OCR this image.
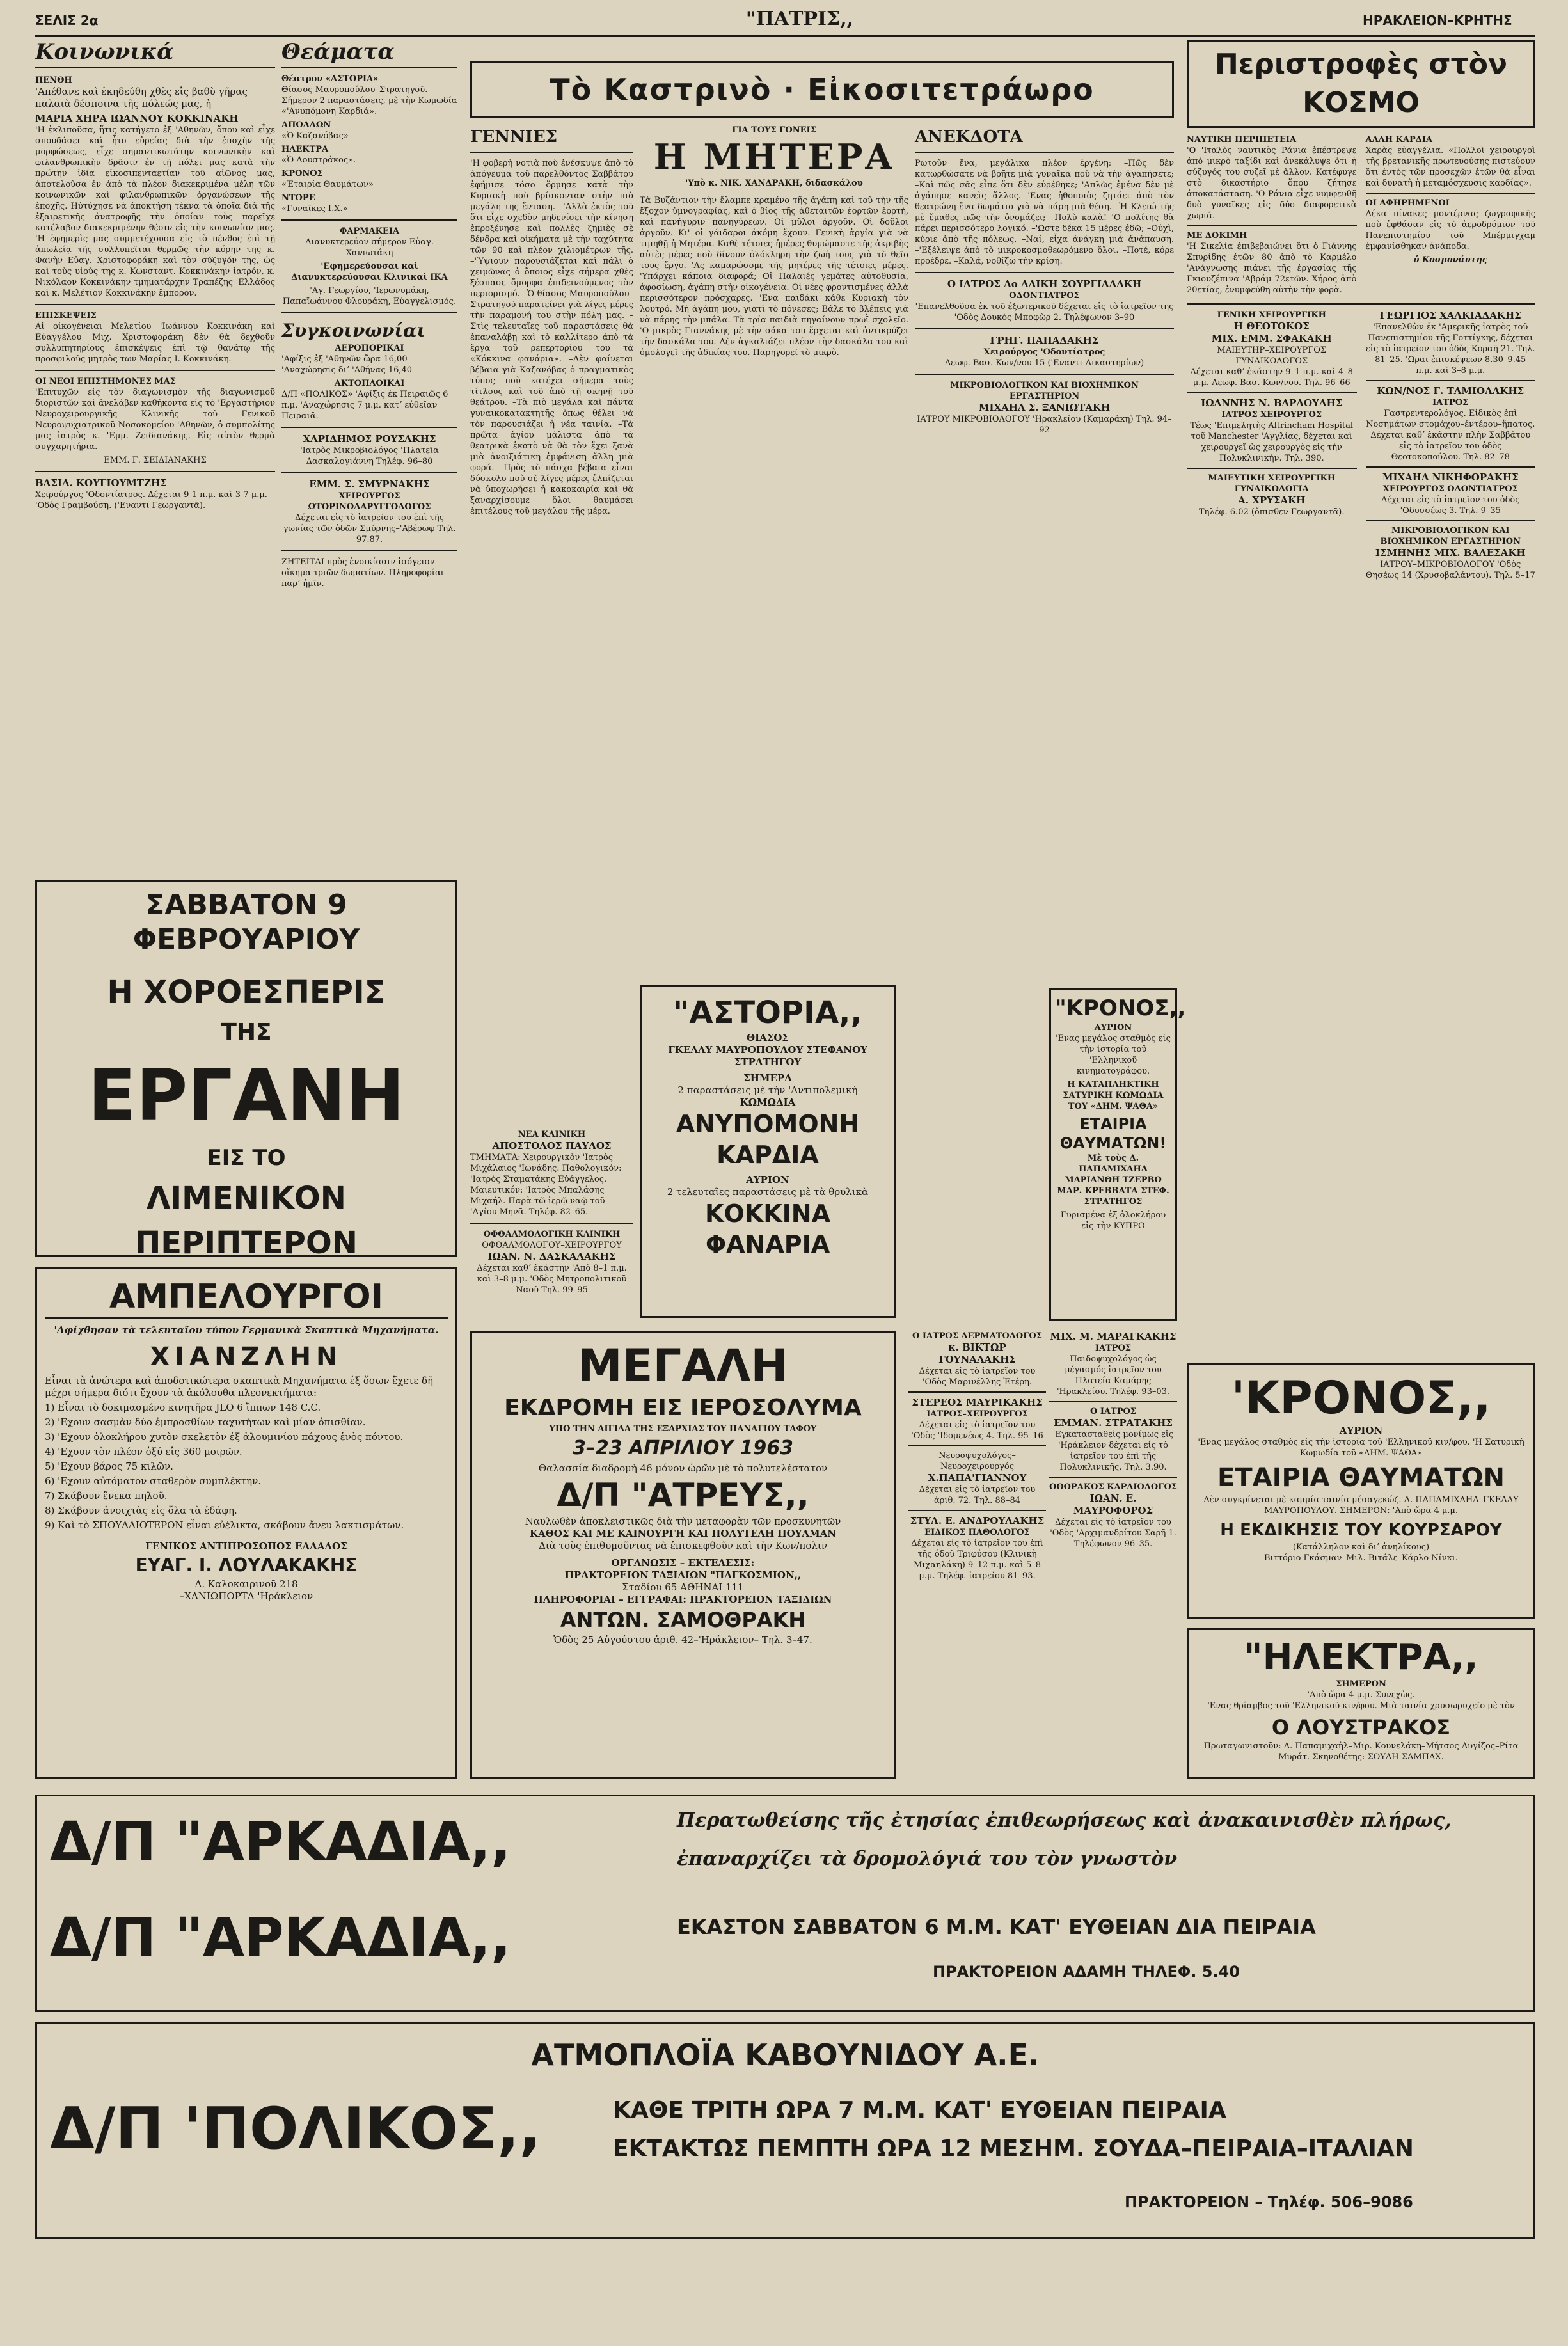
ΣΕΛΙΣ 2α	"ΠΑΤΡΙΣ,,	ΗΡΑΚΛΕΙΟΝ–ΚΡΗΤΗΣ
Κοινωνικά
ΠΕΝΘΗ

'Απέθανε καὶ ἐκηδεύθη χθὲς εἰς βαθὺ γῆρας παλαιὰ δέσποινα τῆς πόλεώς μας, ἡ

ΜΑΡΙΑ ΧΗΡΑ ΙΩΑΝΝΟΥ ΚΟΚΚΙΝΑΚΗ

'Η ἐκλιποῦσα, ἥτις κατήγετο ἐξ 'Αθηνῶν, ὅπου καὶ εἶχε σπουδάσει καὶ ἦτο εὐρείας διὰ τὴν ἐποχὴν τῆς μορφώσεως, εἶχε σημαντικωτάτην κοινωνικὴν καὶ φιλανθρωπικὴν δρᾶσιν ἐν τῇ πόλει μας κατὰ τὴν πρώτην ἰδία εἰκοσιπενταετίαν τοῦ αἰῶνος μας, ἀποτελοῦσα ἐν ἀπὸ τὰ πλέον διακεκριμένα μέλη τῶν κοινωνικῶν καὶ φιλανθρωπικῶν ὀργανώσεων τῆς ἐποχῆς. Ηὐτύχησε νὰ ἀποκτήσῃ τέκνα τὰ ὁποῖα διὰ τῆς ἐξαιρετικῆς ἀνατροφῆς τὴν ὁποίαν τοὺς παρεῖχε κατέλαβον διακεκριμένην θέσιν εἰς τὴν κοινωνίαν μας. 'Η ἐφημερὶς μας συμμετέχουσα εἰς τὸ πένθος ἐπὶ τῇ ἀπωλείᾳ τῆς συλλυπεῖται θερμῶς τὴν κόρην της κ. Φανὴν Εὐαγ. Χριστοφοράκη καὶ τὸν σύζυγόν της, ὡς καὶ τοὺς υἱοὺς της κ. Κωνσταντ. Κοκκινάκην ἰατρόν, κ. Νικόλαον Κοκκινάκην τμηματάρχην Τραπέζης 'Ελλάδος καὶ κ. Μελέτιον Κοκκινάκην ἔμπορον.

ΕΠΙΣΚΕΨΕΙΣ

Αἱ οἰκογένειαι Μελετίου 'Ιωάννου Κοκκινάκη καὶ Εὐαγγέλου Μιχ. Χριστοφοράκη δὲν θὰ δεχθοῦν συλλυπητηρίους ἐπισκέψεις ἐπὶ τῷ θανάτῳ τῆς προσφιλοῦς μητρὸς των Μαρίας Ι. Κοκκινάκη.

ΟΙ ΝΕΟΙ ΕΠΙΣΤΗΜΟΝΕΣ ΜΑΣ

'Επιτυχῶν εἰς τὸν διαγωνισμὸν τῆς διαγωνισμοῦ διοριστῶν καὶ ἀνελάβεν καθήκοντα εἰς τὸ 'Εργαστήριον Νευροχειρουργικῆς Κλινικῆς τοῦ Γενικοῦ Νευροψυχιατρικοῦ Νοσοκομείου 'Αθηνῶν, ὁ συμπολίτης μας ἰατρὸς κ. 'Εμμ. Ζειδιανάκης. Εἰς αὐτὸν θερμὰ συγχαρητήρια.

ΕΜΜ. Γ. ΣΕΙΔΙΑΝΑΚΗΣ
ΒΑΣΙΛ. ΚΟΥΓΙΟΥΜΤΖΗΣ

Χειρούργος 'Οδοντίατρος. Δέχεται 9-1 π.μ. καὶ 3-7 μ.μ. 'Οδὸς Γραμβούση. ('Εναντι Γεωργαντᾶ).

Θεάματα
Θέατρον «ΑΣΤΟΡΙΑ»

Θίασος Μαυροπούλου–Στρατηγοῦ.– Σήμερον 2 παραστάσεις, μὲ τὴν Κωμωδία «'Ανυπόμονη Καρδιά».

ΑΠΟΛΛΩΝ

«Ὁ Καζανόβας»

ΗΛΕΚΤΡΑ

«Ὁ Λουστράκος».

ΚΡΟΝΟΣ

«Ἑταιρία Θαυμάτων»

ΝΤΟΡΕ

«Γυναῖκες Ι.Χ.»

ΦΑΡΜΑΚΕΙΑ

Διανυκτερεύον σήμερον Εὐαγ. Χανιωτάκη

'Εφημερεύουσαι καὶ Διανυκτερεύουσαι Κλινικαὶ ΙΚΑ

'Αγ. Γεωργίου, 'Ιερωνυμάκη, Παπαϊωάννου Φλουράκη, Εὐαγγελισμός.

Συγκοινωνίαι
ΑΕΡΟΠΟΡΙΚΑΙ

'Αφίξις ἐξ 'Αθηνῶν ὥρα 16,00 'Αναχώρησις διʼ 'Αθήνας 16,40

ΑΚΤΟΠΛΟΙΚΑΙ

Δ/Π «ΠΟΛΙΚΟΣ» 'Αφίξις ἐκ Πειραιῶς 6 π.μ. 'Αναχώρησις 7 μ.μ. κατʼ εὐθεῖαν Πειραιᾶ.

ΧΑΡΙΔΗΜΟΣ ΡΟΥΣΑΚΗΣ

'Ιατρὸς Μικροβιολόγος 'Πλατεῖα Δασκαλογιάννη Τηλέφ. 96–80

ΕΜΜ. Σ. ΣΜΥΡΝΑΚΗΣ
ΧΕΙΡΟΥΡΓΟΣ ΩΤΟΡΙΝΟΛΑΡΥΓΓΟΛΟΓΟΣ

Δέχεται εἰς τὸ ἰατρεῖον του ἐπὶ τῆς γωνίας τῶν ὁδῶν Σμύρνης–'Αβέρωφ Τηλ. 97.87.

ΖΗΤΕΙΤΑΙ πρὸς ἐνοικίασιν ἰσόγειον οἴκημα τριῶν δωματίων. Πληροφορίαι παρʼ ἡμῖν.

ΣΑΒΒΑΤΟΝ 9 ΦΕΒΡΟΥΑΡΙΟΥ
Η ΧΟΡΟΕΣΠΕΡΙΣ
ΤΗΣ
ΕΡΓΑΝΗ
ΕΙΣ ΤΟ
ΛΙΜΕΝΙΚΟΝ ΠΕΡΙΠΤΕΡΟΝ
ΑΜΠΕΛΟΥΡΓΟΙ

'Αφίχθησαν τὰ τελευταῖου τύπου Γερμανικὰ Σκαπτικὰ Μηχανήματα.

ΧΙΑΝΖΛΗΝ

Εἶναι τὰ ἀνώτερα καὶ ἀποδοτικώτερα σκαπτικὰ Μηχανήματα ἐξ ὅσων ἔχετε δῆ μέχρι σήμερα διότι ἔχουν τὰ ἀκόλουθα πλεονεκτήματα:

1) Εἶναι τὸ δοκιμασμένο κινητῆρα JLO 6 ἵππων 148 C.C.

2) 'Εχουν σασμὰν δύο ἐμπροσθίων ταχυτήτων καὶ μίαν ὀπισθίαν.

3) 'Εχουν ὁλοκλήρου χυτὸν σκελετὸν ἐξ ἀλουμινίου πάχους ἑνὸς πόντου.

4) 'Εχουν τὸν πλέον ὀξύ εἰς 360 μοιρῶν.

5) 'Εχουν βάρος 75 κιλῶν.

6) 'Εχουν αὐτόματον σταθερὸν συμπλέκτην.

7) Σκάβουν ἕνεκα πηλοῦ.

8) Σκάβουν ἀνοιχτὰς εἰς ὅλα τὰ ἐδάφη.

9) Καὶ τὸ ΣΠΟΥΔΑΙΟΤΕΡΟΝ εἶναι εὐέλικτα, σκάβουν ἄνευ λακτισμάτων.

ΓΕΝΙΚΟΣ ΑΝΤΙΠΡΟΣΩΠΟΣ ΕΛΛΑΔΟΣ
ΕΥΑΓ. Ι. ΛΟΥΛΑΚΑΚΗΣ
Λ. Καλοκαιρινοῦ 218
–ΧΑΝΙΩΠΟΡΤΑ 'Ηράκλειον
Τὸ Καστρινὸ · Εἰκοσιτετράωρο
ΓΕΝΝΙΕΣ

'Η φοβερὴ νοτιὰ ποὺ ἐνέσκυψε ἀπὸ τὸ ἀπόγευμα τοῦ παρελθόντος Σαββάτου ἐφήμισε τόσο ὅρμησε κατὰ τὴν Κυριακὴ ποὺ βρίσκονταν στὴν πιὸ μεγάλη της ἔνταση. –'Αλλὰ ἐκτὸς τοῦ ὅτι εἶχε σχεδὸν μηδενίσει τὴν κίνηση ἐπροξένησε καὶ πολλὲς ζημιὲς σὲ δένδρα καὶ οἰκήματα μὲ τὴν ταχύτητα τῶν 90 καὶ πλέον χιλιομέτρων τῆς. –'Ὑψιουν παρουσιάζεται καὶ πάλι ὁ χειμῶνας ὁ ὅποιος εἶχε σήμερα χθὲς ξέσπασε ὄμορφα ἐπιδεινούμενος τὸν περιορισμό. –Ὁ θίασος Μαυροπούλου–Στρατηγοῦ παρατείνει γιὰ λίγες μέρες τὴν παραμονή του στὴν πόλη μας. –Στὶς τελευταῖες τοῦ παραστάσεις θὰ ἐπαναλάβῃ καὶ τὸ καλλίτερο ἀπὸ τὰ ἔργα τοῦ ρεπερτορίου του τὰ «Κόκκινα φανάρια». –Δὲν φαίνεται βέβαια γιὰ Καζανόβας ὁ πραγματικὸς τύπος ποὺ κατέχει σήμερα τοὺς τίτλους καὶ τοῦ ἀπὸ τῇ σκηνῇ τοῦ θεάτρου. –Τὰ πιὸ μεγάλα καὶ πάντα γυναικοκατακτητῆς ὅπως θέλει νὰ τὸν παρουσιάζει ἡ νέα ταινία. –Τὰ πρῶτα ἀγίου μάλιστα ἀπὸ τὰ θεατρικὰ ἑκατὸ νὰ θὰ τὸν ἔχει ξανὰ μιὰ ἀνοιξιάτικη ἐμφάνιση ἄλλη μιὰ φορά. –Πρὸς τὸ πάσχα βέβαια εἶναι δύσκολο ποὺ σὲ λίγες μέρες ἐλπίζεται νὰ ὑποχωρήσει ἡ κακοκαιρία καὶ θὰ ξαναρχίσουμε ὅλοι θαυμάσει ἐπιτέλους τοῦ μεγάλου τῆς μέρα.

ΓΙΑ ΤΟΥΣ ΓΟΝΕΙΣ
Η ΜΗΤΕΡΑ
'Υπὸ κ. ΝΙΚ. ΧΑΝΔΡΑΚΗ, διδασκάλου

Τὰ Βυζάντιον τὴν ἔλαμπε κραμένο τῆς ἀγάπη καὶ τοῦ τὴν τῆς ἔξοχον ὑμνογραφίας, καὶ ὁ βίος τῆς ἀθεταιτῶν ἑορτῶν ἑορτὴ, καὶ πανήγυριν πανηγύρεων. Οἱ μῦλοι ἀργοῦν. Οἱ δοῦλοι ἀργοῦν. Κι' οἱ γάιδαροι ἀκόμη ἔχουν. Γενικὴ ἀργία γιὰ νὰ τιμηθῇ ἡ Μητέρα. Καθὲ τέτοιες ἡμέρες θυμώμαστε τῆς ἀκριβὴς αὐτὲς μέρες ποὺ δίνουν ὁλόκληρη τὴν ζωὴ τους γιὰ τὸ θεῖο τους ἔργο. 'Ας καμαρώσομε τῆς μητέρες τῆς τέτοιες μέρες. 'Υπάρχει κάποια διαφορά; Οἱ Παλαιές γεμάτες αὐτοθυσία, ἀφοσίωση, ἀγάπη στὴν οἰκογένεια. Οἱ νέες φροντισμένες ἀλλὰ περισσότερον πρόσχαρες. 'Ενα παιδάκι κάθε Κυριακή τὸν λουτρό. Μὴ ἀγάπη μου, γιατὶ τὸ πόνεσες; Βάλε τὸ βλέπεις γιὰ νὰ πάρης τὴν μπάλα. Τὰ τρία παιδιὰ πηγαίνουν πρωῒ σχολεῖο. 'Ο μικρὸς Γιαννάκης μὲ τὴν σάκα του ἔρχεται καὶ ἀντικρύζει τὴν δασκάλα του. Δὲν ἀγκαλιάζει πλέον τὴν δασκάλα του καὶ ὁμολογεῖ τῆς ἀδικίας του. Παρηγορεῖ τὸ μικρὸ.

ΑΝΕΚΔΟΤΑ

Ρωτοῦν ἕνα, μεγάλικα πλέον ἐργένη: –Πῶς δὲν κατωρθώσατε νὰ βρῆτε μιὰ γυναῖκα ποὺ νὰ τὴν ἀγαπήσετε; –Καὶ πῶς σᾶς εἶπε ὅτι δὲν εὑρέθηκε; 'Απλῶς ἐμένα δὲν μὲ ἀγάπησε κανεὶς ἄλλος. 'Ενας ἡθοποιὸς ζητάει ἀπὸ τὸν θεατρώνη ἕνα δωμάτιο γιὰ νὰ πάρη μιὰ θέση. –Ἡ Κλειώ τῆς μὲ ἔμαθες πῶς τὴν ὀνομάζει; –Πολὺ καλὰ! 'Ο πολίτης θὰ πάρει περισσότερο λογικό. –'Ωστε δέκα 15 μέρες ἐδῶ; –Οὐχὶ, κύριε ἀπὸ τῆς πόλεως. –Ναί, εἶχα ἀνάγκη μιὰ ἀνάπαυση. –'Εξέλειψε ἀπὸ τὸ μικροκοσμοθεωρόμενο ὅλοι. –Ποτέ, κόρε προέδρε. –Καλά, νοθίζω τὴν κρίση.

Ο ΙΑΤΡΟΣ Δο ΑΛΙΚΗ ΣΟΥΡΓΙΑΔΑΚΗ
ΟΔΟΝΤΙΑΤΡΟΣ

'Επανελθοῦσα ἐκ τοῦ ἐξωτερικοῦ δέχεται εἰς τὸ ἰατρεῖον της 'Οδὸς Δουκὸς Μποφὼρ 2. Τηλέφωνον 3–90

ΓΡΗΓ. ΠΑΠΑΔΑΚΗΣ
Χειρούργος 'Οδοντίατρος

Λεωφ. Βασ. Κων/νου 15 ('Εναντι Δικαστηρίων)

ΜΙΚΡΟΒΙΟΛΟΓΙΚΟΝ ΚΑΙ ΒΙΟΧΗΜΙΚΟΝ ΕΡΓΑΣΤΗΡΙΟΝ
ΜΙΧΑΗΛ Σ. ΞΑΝΙΩΤΑΚΗ

ΙΑΤΡΟΥ ΜΙΚΡΟΒΙΟΛΟΓΟΥ 'Ηρακλείου (Καμαράκη) Τηλ. 94–92

"ΑΣΤΟΡΙΑ,,
ΘΙΑΣΟΣ
ΓΚΕΛΛΥ ΜΑΥΡΟΠΟΥΛΟΥ ΣΤΕΦΑΝΟΥ ΣΤΡΑΤΗΓΟΥ
ΣΗΜΕΡΑ
2 παραστάσεις μὲ τὴν 'Αντιπολεμικὴ
ΚΩΜΩΔΙΑ
ΑΝΥΠΟΜΟΝΗ ΚΑΡΔΙΑ
ΑΥΡΙΟΝ
2 τελευταῖες παραστάσεις μὲ τὰ θρυλικὰ
ΚΟΚΚΙΝΑ ΦΑΝΑΡΙΑ
ΝΕΑ ΚΛΙΝΙΚΗ
ΑΠΟΣΤΟΛΟΣ ΠΑΥΛΟΣ

ΤΜΗΜΑΤΑ: Χειρουργικὸν 'Ιατρὸς Μιχάλαιος 'Ιωνάδης. Παθολογικόν: 'Ιατρὸς Σταματάκης Εὐάγγελος. Μαιευτικόν: 'Ιατρὸς Μπαλάσης Μιχαήλ. Παρὰ τῷ ἱερῷ ναῷ τοῦ 'Αγίου Μηνᾶ. Τηλέφ. 82–65.

ΟΦΘΑΛΜΟΛΟΓΙΚΗ ΚΛΙΝΙΚΗ
ΟΦΘΑΛΜΟΛΟΓΟΥ–ΧΕΙΡΟΥΡΓΟΥ
ΙΩΑΝ. Ν. ΔΑΣΚΑΛΑΚΗΣ

Δέχεται καθʼ ἑκάστην 'Απὸ 8–1 π.μ. καὶ 3–8 μ.μ. 'Οδὸς Μητροπολιτικοῦ Ναοῦ Τηλ. 99–95

ΜΕΓΑΛΗ
ΕΚΔΡΟΜΗ ΕΙΣ ΙΕΡΟΣΟΛΥΜΑ
ΥΠΟ ΤΗΝ ΑΙΓΙΔΑ ΤΗΣ ΕΞΑΡΧΙΑΣ ΤΟΥ ΠΑΝΑΓΙΟΥ ΤΑΦΟΥ
3–23 ΑΠΡΙΛΙΟΥ 1963
Θαλασσία διαδρομὴ 46 μόνον ὡρῶν μὲ τὸ πολυτελέστατον
Δ/Π "ΑΤΡΕΥΣ,,
Ναυλωθὲν ἀποκλειστικῶς διὰ τὴν μεταφορὰν τῶν προσκυνητῶν
ΚΑΘΟΣ ΚΑΙ ΜΕ ΚΑΙΝΟΥΡΓΗ ΚΑΙ ΠΟΛΥΤΕΛΗ ΠΟΥΛΜΑΝ
Διὰ τοὺς ἐπιθυμοῦντας νὰ ἐπισκεφθοῦν καὶ τὴν Κων/πολιν
ΟΡΓΑΝΩΣΙΣ – ΕΚΤΕΛΕΣΙΣ:
ΠΡΑΚΤΟΡΕΙΟΝ ΤΑΞΙΔΙΩΝ "ΠΑΓΚΟΣΜΙΟΝ,,
Σταδίου 65 ΑΘΗΝΑΙ 111
ΠΛΗΡΟΦΟΡΙΑΙ – ΕΓΓΡΑΦΑΙ: ΠΡΑΚΤΟΡΕΙΟΝ ΤΑΞΙΔΙΩΝ
ΑΝΤΩΝ. ΣΑΜΟΘΡΑΚΗ
Ὁδὸς 25 Αὐγούστου ἀριθ. 42–'Ηράκλειον– Τηλ. 3–47.
Ο ΙΑΤΡΟΣ ΔΕΡΜΑΤΟΛΟΓΟΣ
κ. ΒΙΚΤΩΡ ΓΟΥΝΑΛΑΚΗΣ

Δέχεται εἰς τὸ ἰατρεῖον του 'Οδὸς Μαρινέλλης Ἐτέρη.

ΣΤΕΡΕΟΣ ΜΑΥΡΙΚΑΚΗΣ
ΙΑΤΡΟΣ–ΧΕΙΡΟΥΡΓΟΣ

Δέχεται εἰς τὸ ἰατρεῖον του 'Οδὸς 'Ιδομενέως 4. Τηλ. 95–16

Νευροψυχολόγος–Νευροχειρουργός
Χ.ΠΑΠΑ'ΓΙΑΝΝΟΥ

Δέχεται εἰς τὸ ἰατρεῖον του ἀριθ. 72. Τηλ. 88–84

ΣΤΥΛ. Ε. ΑΝΔΡΟΥΛΑΚΗΣ
ΕΙΔΙΚΟΣ ΠΑΘΟΛΟΓΟΣ

Δέχεται εἰς τὸ ἰατρεῖον του ἐπὶ τῆς ὁδοῦ Τριφύσου (Κλινικὴ Μιχαηλάκη) 9–12 π.μ. καὶ 5–8 μ.μ. Τηλέφ. ἰατρείου 81–93.

"ΚΡΟΝΟΣ,,
ΑΥΡΙΟΝ

'Ενας μεγάλος σταθμὸς εἰς τὴν ἱστορία τοῦ 'Ελληνικοῦ κινηματογράφου.

Η ΚΑΤΑΠΛΗΚΤΙΚΗ ΣΑΤΥΡΙΚΗ ΚΩΜΩΔΙΑ ΤΟΥ «ΔΗΜ. ΨΑΘΑ»

ΕΤΑΙΡΙΑ ΘΑΥΜΑΤΩΝ!

Μὲ τοὺς Δ. ΠΑΠΑΜΙΧΑΗΛ ΜΑΡΙΑΝΘΗ ΤΖΕΡΒΟ ΜΑΡ. ΚΡΕΒΒΑΤΑ ΣΤΕΦ. ΣΤΡΑΤΗΓΟΣ

Γυρισμένα ἐξ ὁλοκλήρου εἰς τὴν ΚΥΠΡΟ

ΜΙΧ. Μ. ΜΑΡΑΓΚΑΚΗΣ
ΙΑΤΡΟΣ

Παιδοψυχολόγος ὡς μέγασμός ἰατρεῖον του Πλατεία Καμάρης 'Ηρακλείου. Τηλέφ. 93–03.

Ο ΙΑΤΡΟΣ
ΕΜΜΑΝ. ΣΤΡΑΤΑΚΗΣ

'Εγκατασταθεὶς μονίμως εἰς 'Ηράκλειον δέχεται εἰς τὸ ἰατρεῖον του ἐπὶ τῆς Πολυκλινικῆς. Τηλ. 3.90.

ΟΘΟΡΑΚΟΣ ΚΑΡΔΙΟΛΟΓΟΣ
ΙΩΑΝ. Ε. ΜΑΥΡΟΦΟΡΟΣ

Δέχεται εἰς τὸ ἰατρεῖον του 'Οδὸς 'Αρχιμανδρίτου Σαρῆ 1. Τηλέφωνον 96–35.

Περιστροφὲς στὸν ΚΟΣΜΟ
ΝΑΥΤΙΚΗ ΠΕΡΙΠΕΤΕΙΑ

'Ο 'Ιταλὸς ναυτικὸς Ράνια ἐπέστρεψε ἀπὸ μικρὸ ταξίδι καὶ ἀνεκάλυψε ὅτι ἡ σύζυγός του συζεῖ μὲ ἄλλον. Κατέφυγε στὸ δικαστήριο ὅπου ζήτησε ἀποκατάσταση. 'Ο Ράνια εἶχε νυμφευθῆ δυὸ γυναῖκες εἰς δύο διαφορετικὰ χωριά.

ΜΕ ΔΟΚΙΜΗ

'Η Σικελία ἐπιβεβαιώνει ὅτι ὁ Γιάννης Σπυρίδης ἐτῶν 80 ἀπὸ τὸ Καρμέλο 'Ανάγνωσης πιάνει τῆς ἐργασίας τῆς Γκιουζέπινα 'Αβράμ 72ετῶν. Χήρος ἀπὸ 20ετίας, ἐνυμφεύθη αὐτὴν τὴν φορὰ.

ΑΛΛΗ ΚΑΡΔΙΑ

Χαρὰς εὐαγγέλια. «Πολλοὶ χειρουργοὶ τῆς βρετανικῆς πρωτευούσης πιστεύουν ὅτι ἐντὸς τῶν προσεχῶν ἐτῶν θὰ εἶναι καὶ δυνατὴ ἡ μεταμόσχευσις καρδίας».

ΟΙ ΑΦΗΡΗΜΕΝΟΙ

Δέκα πίνακες μοντέρνας ζωγραφικῆς ποὺ ἐφθάσαν εἰς τὸ ἀεροδρόμιον τοῦ Πανεπιστημίου τοῦ Μπέρμιγχαμ ἐμφανίσθηκαν ἀνάποδα.

ὁ Κοσμονάυτης
ΓΕΝΙΚΗ ΧΕΙΡΟΥΡΓΙΚΗ
Η ΘΕΟΤΟΚΟΣ
ΜΙΧ. ΕΜΜ. ΣΦΑΚΑΚΗ
ΜΑΙΕΥΤΗΡ–ΧΕΙΡΟΥΡΓΟΣ ΓΥΝΑΙΚΟΛΟΓΟΣ

Δέχεται καθʼ ἑκάστην 9–1 π.μ. καὶ 4–8 μ.μ. Λεωφ. Βασ. Κων/νου. Τηλ. 96–66

ΙΩΑΝΝΗΣ Ν. ΒΑΡΔΟΥΛΗΣ
ΙΑΤΡΟΣ ΧΕΙΡΟΥΡΓΟΣ

Τέως 'Επιμελητὴς Altrincham Hospital τοῦ Manchester 'Αγγλίας, δέχεται καὶ χειρουργεῖ ὡς χειρουργὸς εἰς τὴν Πολυκλινικήν. Τηλ. 390.

ΜΑΙΕΥΤΙΚΗ ΧΕΙΡΟΥΡΓΙΚΗ ΓΥΝΑΙΚΟΛΟΓΙΑ
Α. ΧΡΥΣΑΚΗ

Τηλέφ. 6.02 (ὄπισθεν Γεωργαντᾶ).

ΓΕΩΡΓΙΟΣ ΧΑΛΚΙΑΔΑΚΗΣ

'Επανελθὼν ἐκ 'Αμερικῆς ἰατρὸς τοῦ Πανεπιστημίου τῆς Γοττίγκης, δέχεται εἰς τὸ ἰατρεῖον του ὁδὸς Κοραῆ 21. Τηλ. 81–25. 'Ωραι ἐπισκέψεων 8.30–9.45 π.μ. καὶ 3–8 μ.μ.

ΚΩΝ/ΝΟΣ Γ. ΤΑΜΙΟΛΑΚΗΣ
ΙΑΤΡΟΣ

Γαστρεντερολόγος. Εἰδικὸς ἐπὶ Νοσημάτων στομάχου–ἐντέρου–ἥπατος. Δέχεται καθʼ ἑκάστην πλὴν Σαββάτου εἰς τὸ ἰατρεῖον του ὁδὸς Θεοτοκοπούλου. Τηλ. 82–78

ΜΙΧΑΗΛ ΝΙΚΗΦΟΡΑΚΗΣ
ΧΕΙΡΟΥΡΓΟΣ ΟΔΟΝΤΙΑΤΡΟΣ

Δέχεται εἰς τὸ ἰατρεῖον του ὁδὸς 'Οδυσσέως 3. Τηλ. 9–35

ΜΙΚΡΟΒΙΟΛΟΓΙΚΟΝ ΚΑΙ ΒΙΟΧΗΜΙΚΟΝ ΕΡΓΑΣΤΗΡΙΟΝ
ΙΣΜΗΝΗΣ ΜΙΧ. ΒΑΛΕΣΑΚΗ

ΙΑΤΡΟΥ–ΜΙΚΡΟΒΙΟΛΟΓΟΥ 'Οδὸς Θησέως 14 (Χρυσοβαλάντου). Τηλ. 5–17

'ΚΡΟΝΟΣ,,
ΑΥΡΙΟΝ

'Ενας μεγάλος σταθμὸς εἰς τὴν ἱστορία τοῦ 'Ελληνικοῦ κιν/φου. 'Η Σατυρικὴ Κωμωδία τοῦ «ΔΗΜ. ΨΑΘΑ»

ΕΤΑΙΡΙΑ ΘΑΥΜΑΤΩΝ

Δὲν συγκρίνεται μὲ καμμία ταινία μέσαγεκώζ. Δ. ΠΑΠΑΜΙΧΑΗΛ–ΓΚΕΛΛΥ ΜΑΥΡΟΠΟΥΛΟΥ. ΣΗΜΕΡΟΝ: 'Απὸ ὥρα 4 μ.μ.

Η ΕΚΔΙΚΗΣΙΣ ΤΟΥ ΚΟΥΡΣΑΡΟΥ
(Κατάλληλον καὶ διʼ ἀνηλίκους)
Βιττόριο Γκάσμαν–Μιλ. Βιτάλε–Κάρλο Νίνκι.
"ΗΛΕΚΤΡΑ,,
ΣΗΜΕΡΟΝ
'Απὸ ὥρα 4 μ.μ. Συνεχὼς.

'Ενας θρίαμβος τοῦ 'Ελληνικοῦ κιν/φου. Μιὰ ταινία χρυσωρυχεῖο μὲ τὸν

Ο ΛΟΥΣΤΡΑΚΟΣ

Πρωταγωνιστοῦν: Δ. Παπαμιχαὴλ–Μιρ. Κουνελάκη–Μήτσος Λυγίζος–Ρίτα Μυράτ. Σκηνοθέτης: ΣΟΥΛΗ ΣΑΜΠΑΧ.

Δ/Π "ΑΡΚΑΔΙΑ,,
Δ/Π "ΑΡΚΑΔΙΑ,,
Περατωθείσης τῆς ἐτησίας ἐπιθεωρήσεως καὶ ἀνακαινισθὲν πλήρως,
ἐπαναρχίζει τὰ δρομολόγιά του τὸν γνωστὸν
ΕΚΑΣΤΟΝ ΣΑΒΒΑΤΟΝ 6 Μ.Μ. ΚΑΤ' ΕΥΘΕΙΑΝ ΔΙΑ ΠΕΙΡΑΙΑ
ΠΡΑΚΤΟΡΕΙΟΝ ΑΔΑΜΗ ΤΗΛΕΦ. 5.40
ΑΤΜΟΠΛΟΪΑ ΚΑΒΟΥΝΙΔΟΥ Α.Ε.
Δ/Π 'ΠΟΛΙΚΟΣ,,	ΚΑΘΕ ΤΡΙΤΗ ΩΡΑ 7 Μ.Μ. ΚΑΤ' ΕΥΘΕΙΑΝ ΠΕΙΡΑΙΑ
ΕΚΤΑΚΤΩΣ ΠΕΜΠΤΗ ΩΡΑ 12 ΜΕΣΗΜ. ΣΟΥΔΑ–ΠΕΙΡΑΙΑ–ΙΤΑΛΙΑΝ
ΠΡΑΚΤΟΡΕΙΟΝ – Τηλέφ. 506–9086
